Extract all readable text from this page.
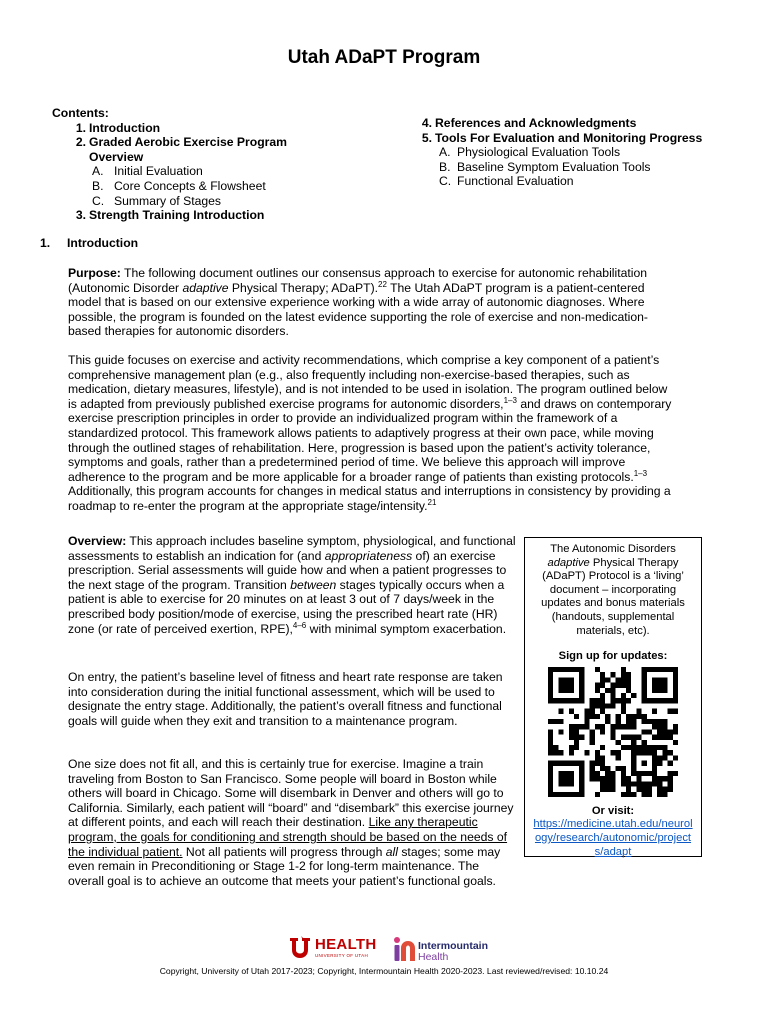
Utah ADaPT Program
Contents:
1. Introduction
2. Graded Aerobic Exercise Program Overview
A. Initial Evaluation
B. Core Concepts & Flowsheet
C. Summary of Stages
3. Strength Training Introduction
4. References and Acknowledgments
5. Tools For Evaluation and Monitoring Progress
A. Physiological Evaluation Tools
B. Baseline Symptom Evaluation Tools
C. Functional Evaluation
1.	Introduction

Purpose: The following document outlines our consensus approach to exercise for autonomic rehabilitation (Autonomic Disorder adaptive Physical Therapy; ADaPT).$^{22}$ The Utah ADaPT program is a patient-centered model that is based on our extensive experience working with a wide array of autonomic diagnoses. Where possible, the program is founded on the latest evidence supporting the role of exercise and non-medication-based therapies for autonomic disorders.

This guide focuses on exercise and activity recommendations, which comprise a key component of a patient’s comprehensive management plan (e.g., also frequently including non-exercise-based therapies, such as medication, dietary measures, lifestyle), and is not intended to be used in isolation. The program outlined below is adapted from previously published exercise programs for autonomic disorders,$^{1-3}$ and draws on contemporary exercise prescription principles in order to provide an individualized program within the framework of a standardized protocol. This framework allows patients to adaptively progress at their own pace, while moving through the outlined stages of rehabilitation. Here, progression is based upon the patient’s activity tolerance, symptoms and goals, rather than a predetermined period of time. We believe this approach will improve adherence to the program and be more applicable for a broader range of patients than existing protocols.$^{1-3}$ Additionally, this program accounts for changes in medical status and interruptions in consistency by providing a roadmap to re-enter the program at the appropriate stage/intensity.$^{21}$

Overview: This approach includes baseline symptom, physiological, and functional assessments to establish an indication for (and appropriateness of) an exercise prescription. Serial assessments will guide how and when a patient progresses to the next stage of the program. Transition between stages typically occurs when a patient is able to exercise for 20 minutes on at least 3 out of 7 days/week in the prescribed body position/mode of exercise, using the prescribed heart rate (HR) zone (or rate of perceived exertion, RPE),$^{4-6}$ with minimal symptom exacerbation.

On entry, the patient’s baseline level of fitness and heart rate response are taken into consideration during the initial functional assessment, which will be used to designate the entry stage. Additionally, the patient’s overall fitness and functional goals will guide when they exit and transition to a maintenance program.

One size does not fit all, and this is certainly true for exercise. Imagine a train traveling from Boston to San Francisco. Some people will board in Boston while others will board in Chicago. Some will disembark in Denver and others will go to California. Similarly, each patient will “board” and “disembark” this exercise journey at different points, and each will reach their destination. Like any therapeutic program, the goals for conditioning and strength should be based on the needs of the individual patient. Not all patients will progress through all stages; some may even remain in Preconditioning or Stage 1-2 for long-term maintenance. The overall goal is to achieve an outcome that meets your patient’s functional goals.

The Autonomic Disorders adaptive Physical Therapy (ADaPT) Protocol is a ‘living’ document – incorporating updates and bonus materials (handouts, supplemental materials, etc).
Sign up for updates:
Or visit:
https://medicine.utah.edu/neurology/research/autonomic/projects/adapt
HEALTH
UNIVERSITY OF UTAH
Intermountain
Health
Copyright, University of Utah 2017-2023; Copyright, Intermountain Health 2020-2023. Last reviewed/revised: 10.10.24
